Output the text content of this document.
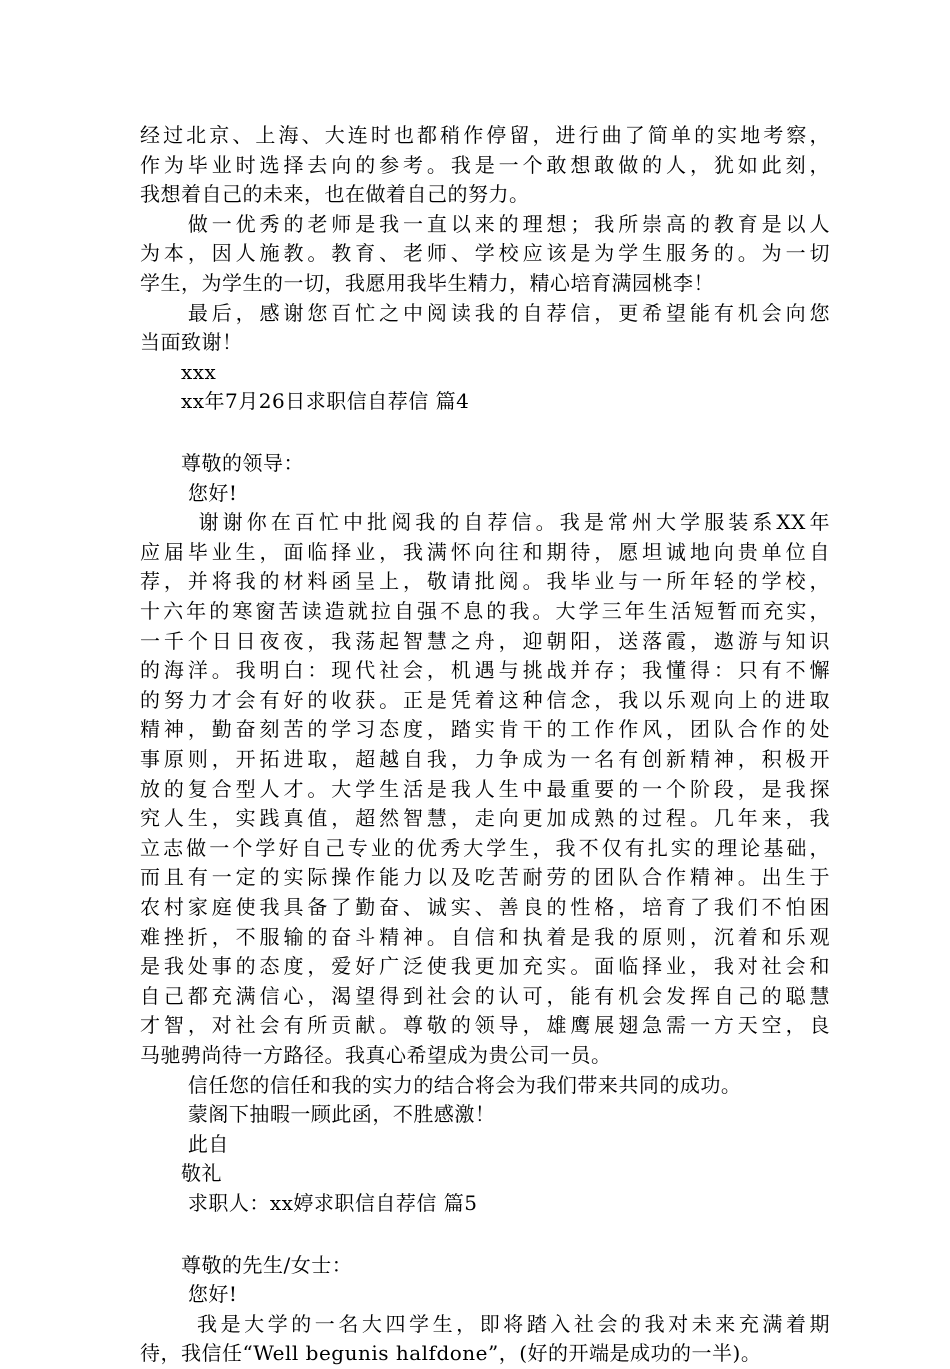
经过北京、上海、大连时也都稍作停留，进行曲了简单的实地考察，
作为毕业时选择去向的参考。我是一个敢想敢做的人，犹如此刻，
我想着自己的未来，也在做着自己的努力。
　　做一优秀的老师是我一直以来的理想；我所崇高的教育是以人
为本，因人施教。教育、老师、学校应该是为学生服务的。为一切
学生，为学生的一切，我愿用我毕生精力，精心培育满园桃李！
　　最后，感谢您百忙之中阅读我的自荐信，更希望能有机会向您
当面致谢！
　　xxx
　　xx年7月26日求职信自荐信 篇4
　　尊敬的领导：
　　 您好!
　　 谢谢你在百忙中批阅我的自荐信。我是常州大学服装系XX年
应届毕业生，面临择业，我满怀向往和期待，愿坦诚地向贵单位自
荐，并将我的材料函呈上，敬请批阅。我毕业与一所年轻的学校，
十六年的寒窗苦读造就拉自强不息的我。大学三年生活短暂而充实，
一千个日日夜夜，我荡起智慧之舟，迎朝阳，送落霞，遨游与知识
的海洋。我明白：现代社会，机遇与挑战并存；我懂得：只有不懈
的努力才会有好的收获。正是凭着这种信念，我以乐观向上的进取
精神，勤奋刻苦的学习态度，踏实肯干的工作作风，团队合作的处
事原则，开拓进取，超越自我，力争成为一名有创新精神，积极开
放的复合型人才。大学生活是我人生中最重要的一个阶段，是我探
究人生，实践真值，超然智慧，走向更加成熟的过程。几年来，我
立志做一个学好自己专业的优秀大学生，我不仅有扎实的理论基础，
而且有一定的实际操作能力以及吃苦耐劳的团队合作精神。出生于
农村家庭使我具备了勤奋、诚实、善良的性格，培育了我们不怕困
难挫折，不服输的奋斗精神。自信和执着是我的原则，沉着和乐观
是我处事的态度，爱好广泛使我更加充实。面临择业，我对社会和
自己都充满信心，渴望得到社会的认可，能有机会发挥自己的聪慧
才智，对社会有所贡献。尊敬的领导，雄鹰展翅急需一方天空，良
马驰骋尚待一方路径。我真心希望成为贵公司一员。
　　 信任您的信任和我的实力的结合将会为我们带来共同的成功。
　　 蒙阁下抽暇一顾此函，不胜感激！
　　 此自
　　敬礼
　　 求职人：xx婷求职信自荐信 篇5
　　尊敬的先生/女士：
　　 您好!
　　 我是大学的一名大四学生，即将踏入社会的我对未来充满着期
待，我信任“Well begunis halfdone”，(好的开端是成功的一半)。
